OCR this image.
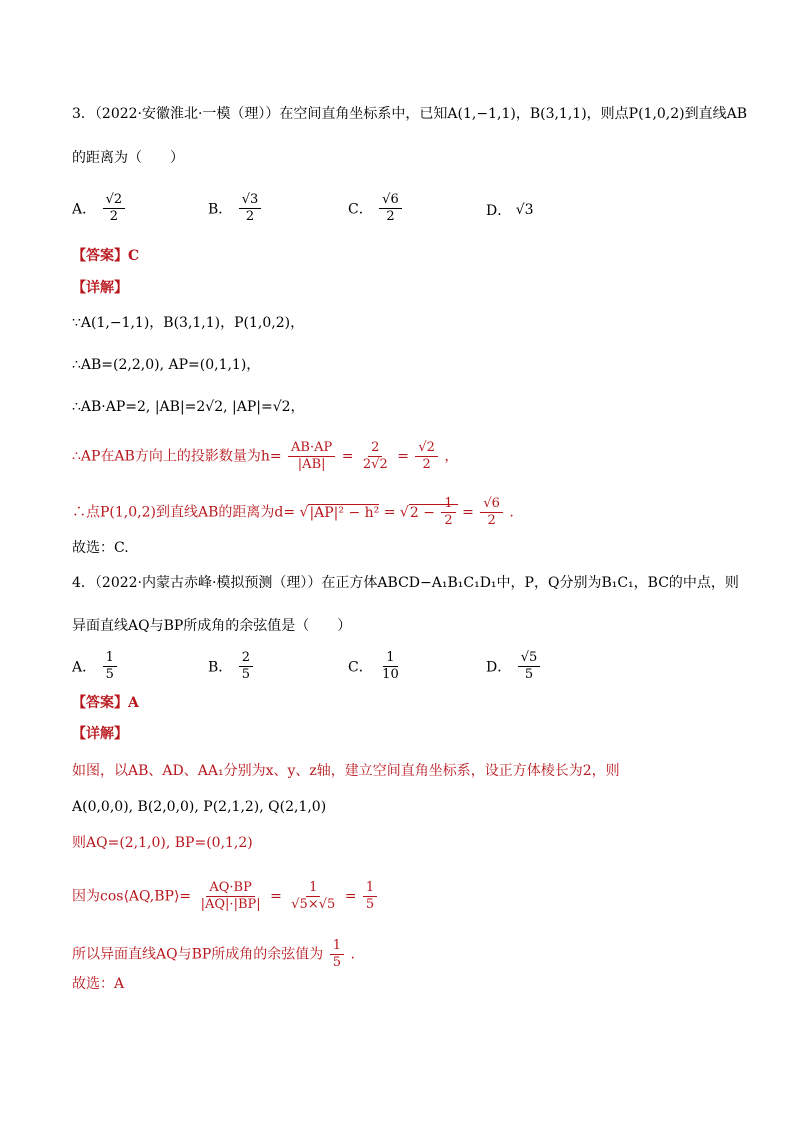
3．（2022·安徽淮北·一模（理））在空间直角坐标系中，已知A(1,−1,1)，B(3,1,1)，则点P(1,0,2)到直线AB
的距离为（　　）
A． $\frac{√2}{2}$	B． $\frac{√3}{2}$	C． $\frac{√6}{2}$	D． √3
【答案】C
【详解】
∵A(1,−1,1)，B(3,1,1)，P(1,0,2)，
∴AB=(2,2,0), AP=(0,1,1)，
∴AB·AP=2, |AB|=2√2, |AP|=√2，
∴AP在AB方向上的投影数量为$h= \frac{AB\cdot AP}{|AB|} = \frac{2}{2√2} = \frac{√2}{2}$ ，
∴点P(1,0,2)到直线AB的距离为$d= √|AP|^2 - h^2 = √2 - \frac{1}{2} = \frac{√6}{2}$ .
故选：C.
4．（2022·内蒙古赤峰·模拟预测（理））在正方体ABCD−A₁B₁C₁D₁中，P，Q分别为B₁C₁，BC的中点，则
异面直线AQ与BP所成角的余弦值是（　　）
A． $\frac{1}{5}$	B． $\frac{2}{5}$	C． $\frac{1}{10}$	D． $\frac{√5}{5}$
【答案】A
【详解】
如图，以AB、AD、AA₁分别为x、y、z轴，建立空间直角坐标系，设正方体棱长为2，则
A(0,0,0), B(2,0,0), P(2,1,2), Q(2,1,0)
则AQ=(2,1,0), BP=(0,1,2)
因为cos⟨AQ,BP⟩= $\frac{AQ\cdot BP}{|AQ|\cdot|BP|} = \frac{1}{√5\times√5} = \frac{1}{5}$
所以异面直线AQ与BP所成角的余弦值为 $\frac{1}{5}$ .
故选：A
